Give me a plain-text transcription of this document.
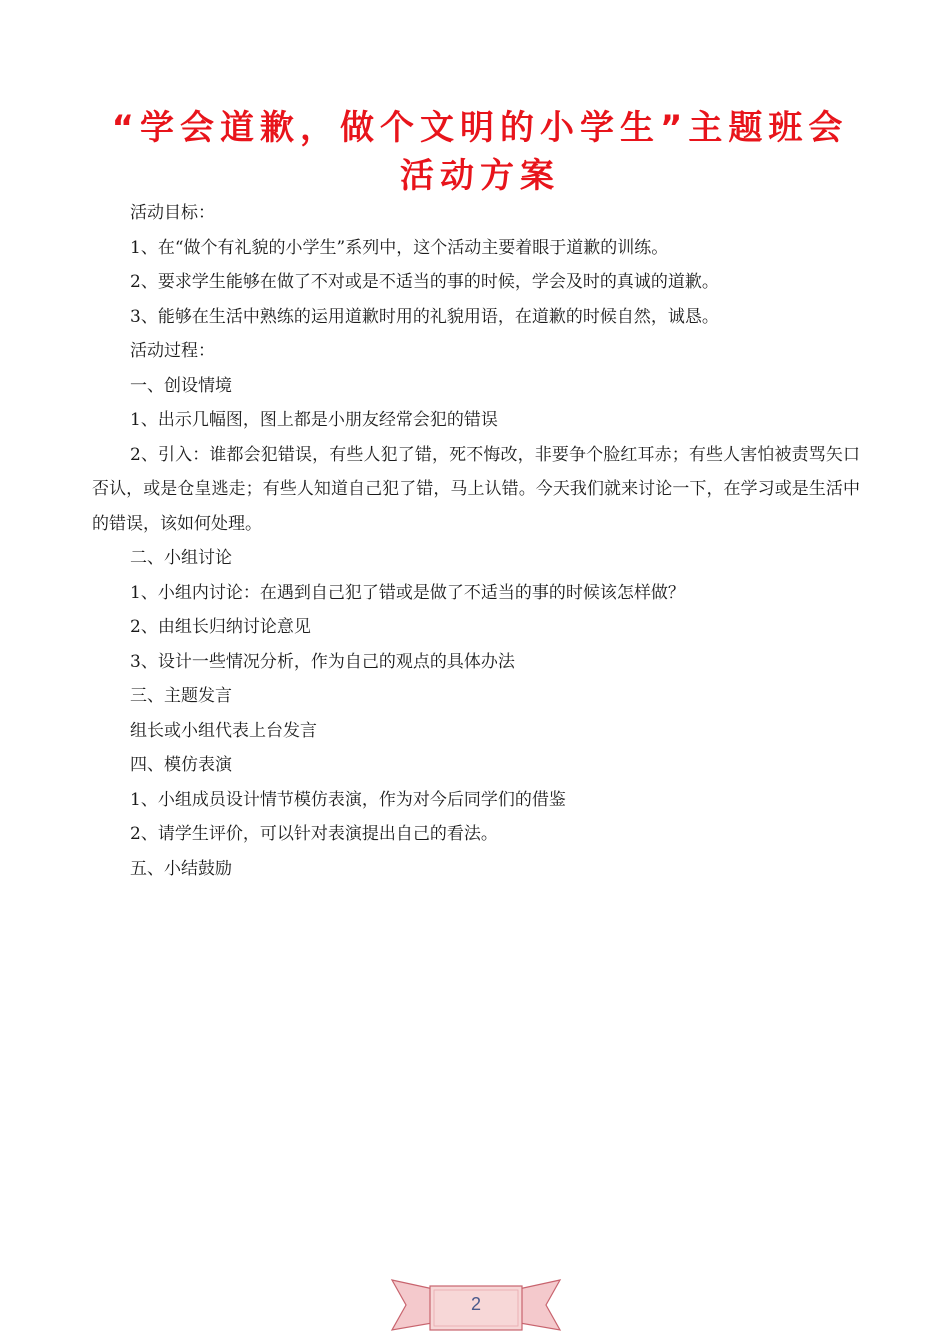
“学会道歉，做个文明的小学生”主题班会活动方案

活动目标：

1、在“做个有礼貌的小学生”系列中，这个活动主要着眼于道歉的训练。

2、要求学生能够在做了不对或是不适当的事的时候，学会及时的真诚的道歉。

3、能够在生活中熟练的运用道歉时用的礼貌用语，在道歉的时候自然，诚恳。

活动过程：

一、创设情境

1、出示几幅图，图上都是小朋友经常会犯的错误

2、引入：谁都会犯错误，有些人犯了错，死不悔改，非要争个脸红耳赤；有些人害怕被责骂矢口否认，或是仓皇逃走；有些人知道自己犯了错，马上认错。今天我们就来讨论一下，在学习或是生活中的错误，该如何处理。

二、小组讨论

1、小组内讨论：在遇到自己犯了错或是做了不适当的事的时候该怎样做？

2、由组长归纳讨论意见

3、设计一些情况分析，作为自己的观点的具体办法

三、主题发言

组长或小组代表上台发言

四、模仿表演

1、小组成员设计情节模仿表演，作为对今后同学们的借鉴

2、请学生评价，可以针对表演提出自己的看法。

五、小结鼓励

2
